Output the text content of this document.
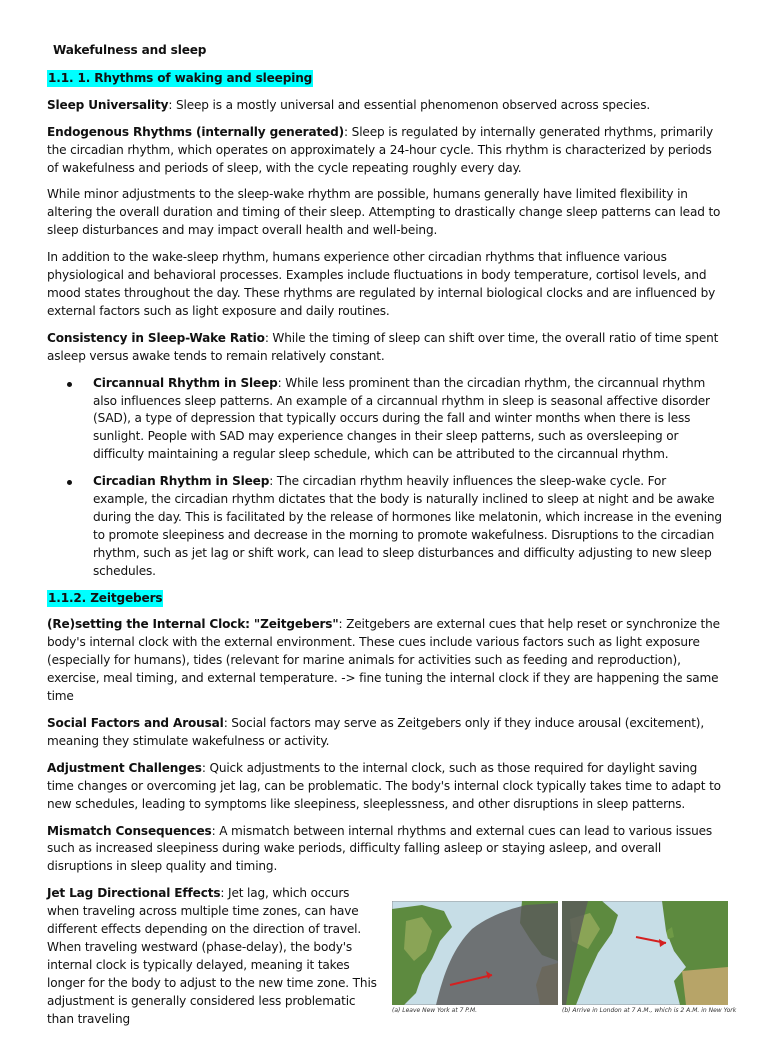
Wakefulness and sleep

1.1. 1. Rhythms of waking and sleeping

Sleep Universality: Sleep is a mostly universal and essential phenomenon observed across species.

Endogenous Rhythms (internally generated): Sleep is regulated by internally generated rhythms, primarily the circadian rhythm, which operates on approximately a 24-hour cycle. This rhythm is characterized by periods of wakefulness and periods of sleep, with the cycle repeating roughly every day.

While minor adjustments to the sleep-wake rhythm are possible, humans generally have limited flexibility in altering the overall duration and timing of their sleep. Attempting to drastically change sleep patterns can lead to sleep disturbances and may impact overall health and well-being.

In addition to the wake-sleep rhythm, humans experience other circadian rhythms that influence various physiological and behavioral processes. Examples include fluctuations in body temperature, cortisol levels, and mood states throughout the day. These rhythms are regulated by internal biological clocks and are influenced by external factors such as light exposure and daily routines.

Consistency in Sleep-Wake Ratio: While the timing of sleep can shift over time, the overall ratio of time spent asleep versus awake tends to remain relatively constant.

Circannual Rhythm in Sleep: While less prominent than the circadian rhythm, the circannual rhythm also influences sleep patterns. An example of a circannual rhythm in sleep is seasonal affective disorder (SAD), a type of depression that typically occurs during the fall and winter months when there is less sunlight. People with SAD may experience changes in their sleep patterns, such as oversleeping or difficulty maintaining a regular sleep schedule, which can be attributed to the circannual rhythm.
Circadian Rhythm in Sleep: The circadian rhythm heavily influences the sleep-wake cycle. For example, the circadian rhythm dictates that the body is naturally inclined to sleep at night and be awake during the day. This is facilitated by the release of hormones like melatonin, which increase in the evening to promote sleepiness and decrease in the morning to promote wakefulness. Disruptions to the circadian rhythm, such as jet lag or shift work, can lead to sleep disturbances and difficulty adjusting to new sleep schedules.

1.1.2. Zeitgebers

(Re)setting the Internal Clock: "Zeitgebers": Zeitgebers are external cues that help reset or synchronize the body's internal clock with the external environment. These cues include various factors such as light exposure (especially for humans), tides (relevant for marine animals for activities such as feeding and reproduction), exercise, meal timing, and external temperature. -> fine tuning the internal clock if they are happening the same time

Social Factors and Arousal: Social factors may serve as Zeitgebers only if they induce arousal (excitement), meaning they stimulate wakefulness or activity.

Adjustment Challenges: Quick adjustments to the internal clock, such as those required for daylight saving time changes or overcoming jet lag, can be problematic. The body's internal clock typically takes time to adapt to new schedules, leading to symptoms like sleepiness, sleeplessness, and other disruptions in sleep patterns.

Mismatch Consequences: A mismatch between internal rhythms and external cues can lead to various issues such as increased sleepiness during wake periods, difficulty falling asleep or staying asleep, and overall disruptions in sleep quality and timing.

Jet Lag Directional Effects: Jet lag, which occurs when traveling across multiple time zones, can have different effects depending on the direction of travel. When traveling westward (phase-delay), the body's internal clock is typically delayed, meaning it takes longer for the body to adjust to the new time zone. This adjustment is generally considered less problematic than traveling

(a) Leave New York at 7 P.M.	(b) Arrive in London at 7 A.M., which is 2 A.M. in New York
